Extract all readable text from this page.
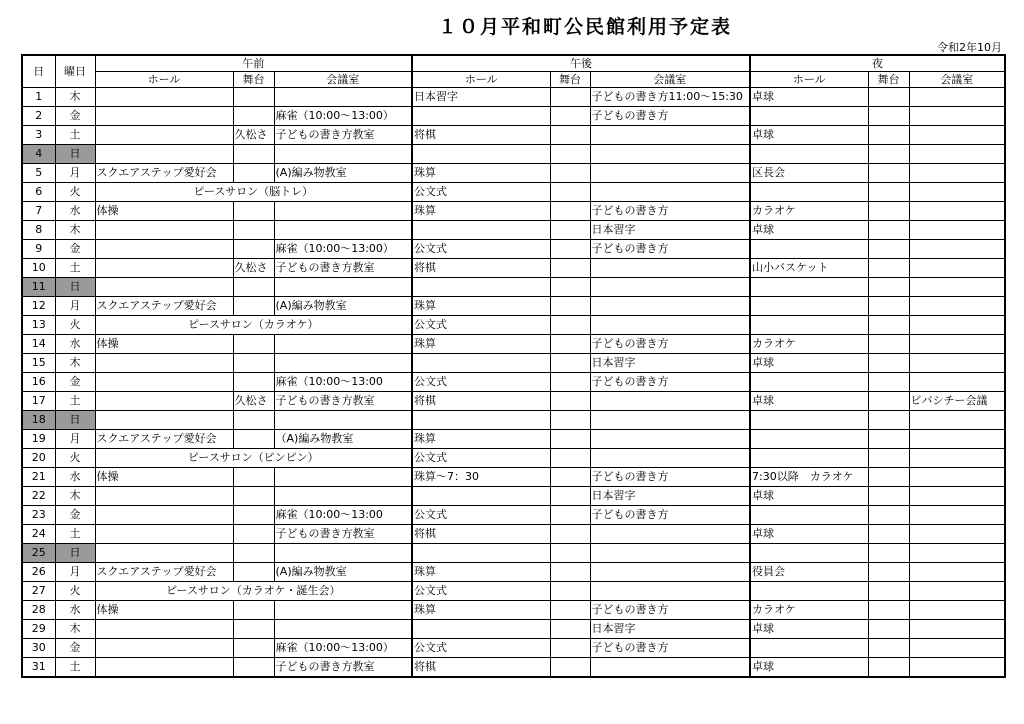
１０月平和町公民館利用予定表
令和2年10月
日	曜日	午前			午後			夜		
		ホール	舞台	会議室	ホール	舞台	会議室	ホール	舞台	会議室
1	木				日本習字		子どもの書き方11:00～15:30	卓球		
2	金			麻雀（10:00～13:00）			子どもの書き方			
3	土		久松さ	子どもの書き方教室	将棋			卓球		
4	日									
5	月	スクエアステップ愛好会		(A)編み物教室	珠算			区長会		
6	火	ピースサロン（脳トレ）			公文式					
7	水	体操			珠算		子どもの書き方	カラオケ		
8	木						日本習字	卓球		
9	金			麻雀（10:00～13:00）	公文式		子どもの書き方			
10	土		久松さ	子どもの書き方教室	将棋			山小バスケット		
11	日									
12	月	スクエアステップ愛好会		(A)編み物教室	珠算					
13	火	ピースサロン（カラオケ）			公文式					
14	水	体操			珠算		子どもの書き方	カラオケ		
15	木						日本習字	卓球		
16	金			麻雀（10:00～13:00	公文式		子どもの書き方			
17	土		久松さ	子どもの書き方教室	将棋			卓球		ビバシチー会議
18	日									
19	月	スクエアステップ愛好会		（A)編み物教室	珠算					
20	火	ピースサロン（ピンピン）			公文式					
21	水	体操			珠算～7：30		子どもの書き方	7:30以降　カラオケ		
22	木						日本習字	卓球		
23	金			麻雀（10:00～13:00	公文式		子どもの書き方			
24	土			子どもの書き方教室	将棋			卓球		
25	日									
26	月	スクエアステップ愛好会		(A)編み物教室	珠算			役員会		
27	火	ピースサロン（カラオケ・誕生会）			公文式					
28	水	体操			珠算		子どもの書き方	カラオケ		
29	木						日本習字	卓球		
30	金			麻雀（10:00～13:00）	公文式		子どもの書き方			
31	土			子どもの書き方教室	将棋			卓球		
